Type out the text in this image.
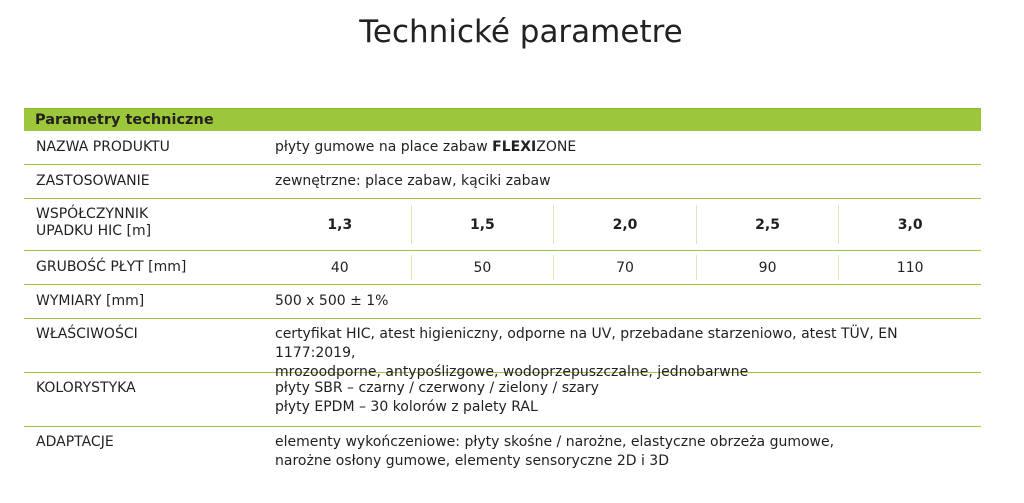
Technické parametre
Parametry techniczne
NAZWA PRODUKTU	płyty gumowe na place zabaw FLEXIZONE
ZASTOSOWANIE	zewnętrzne: place zabaw, kąciki zabaw
WSPÓŁCZYNNIK
UPADKU HIC [m]	1,3	1,5	2,0	2,5	3,0
GRUBOŚĆ PŁYT [mm]	40	50	70	90	110
WYMIARY [mm]	500 x 500 ± 1%
WŁAŚCIWOŚCI	certyfikat HIC, atest higieniczny, odporne na UV, przebadane starzeniowo, atest TÜV, EN 1177:2019,
mrozoodporne, antypoślizgowe, wodoprzepuszczalne, jednobarwne
KOLORYSTYKA	płyty SBR – czarny / czerwony / zielony / szary
płyty EPDM – 30 kolorów z palety RAL
ADAPTACJE	elementy wykończeniowe: płyty skośne / narożne, elastyczne obrzeża gumowe,
narożne osłony gumowe, elementy sensoryczne 2D i 3D
